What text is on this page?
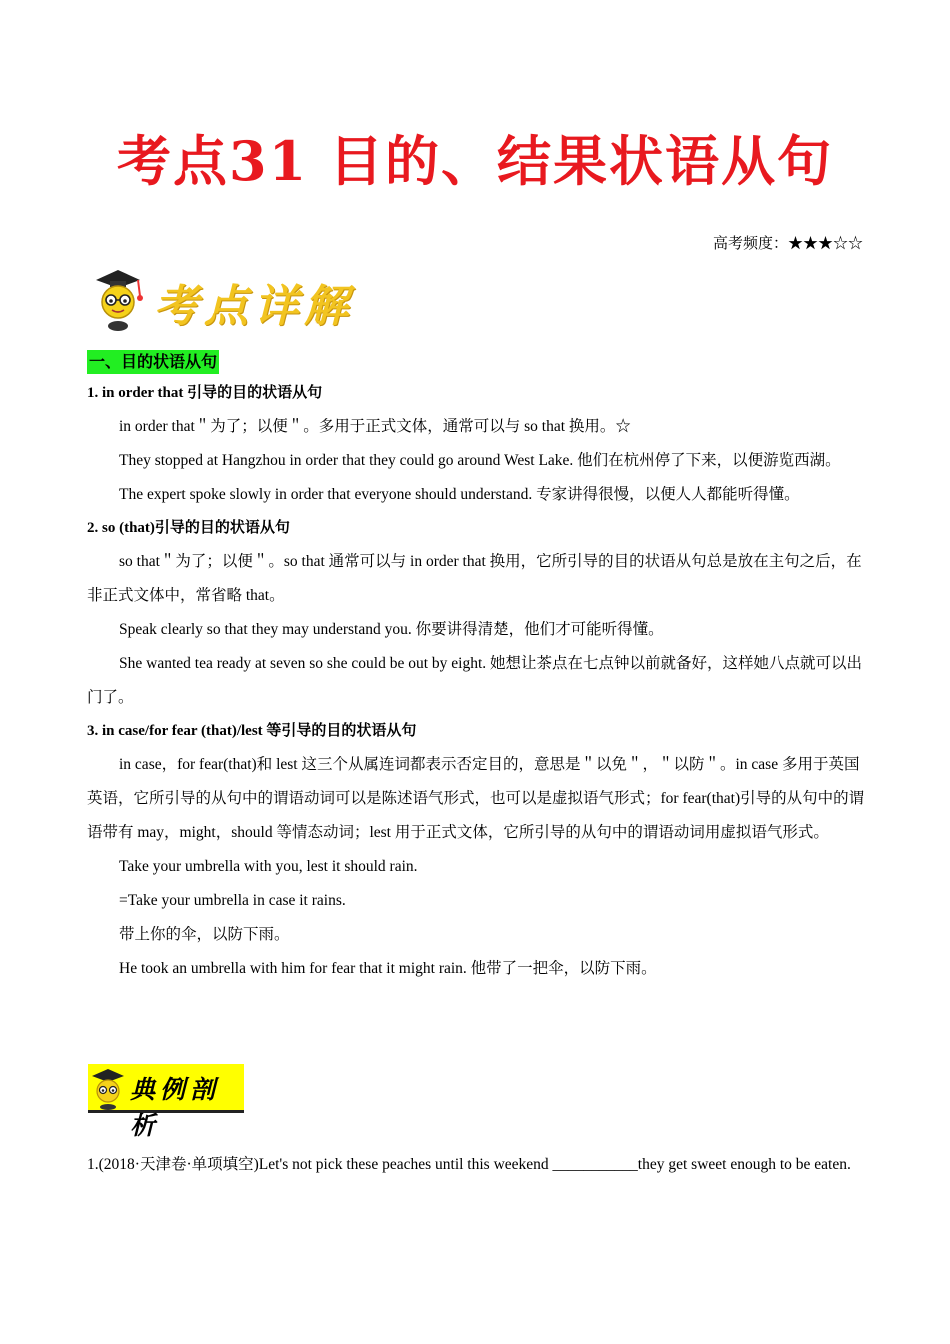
考点31 目的、结果状语从句
高考频度：★★★☆☆
考点详解
一、目的状语从句

1. in order that 引导的目的状语从句

in order that＂为了；以便＂。多用于正式文体，通常可以与 so that 换用。☆

They stopped at Hangzhou in order that they could go around West Lake. 他们在杭州停了下来，以便游览西湖。

The expert spoke slowly in order that everyone should understand. 专家讲得很慢，以便人人都能听得懂。

2. so (that)引导的目的状语从句

so that＂为了；以便＂。so that 通常可以与 in order that 换用，它所引导的目的状语从句总是放在主句之后，在非正式文体中，常省略 that。

Speak clearly so that they may understand you. 你要讲得清楚，他们才可能听得懂。

She wanted tea ready at seven so she could be out by eight. 她想让茶点在七点钟以前就备好，这样她八点就可以出门了。

3. in case/for fear (that)/lest 等引导的目的状语从句

in case，for fear(that)和 lest 这三个从属连词都表示否定目的，意思是＂以免＂，＂以防＂。in case 多用于英国英语，它所引导的从句中的谓语动词可以是陈述语气形式，也可以是虚拟语气形式；for fear(that)引导的从句中的谓语带有 may，might，should 等情态动词；lest 用于正式文体，它所引导的从句中的谓语动词用虚拟语气形式。

Take your umbrella with you, lest it should rain.

=Take your umbrella in case it rains.

带上你的伞，以防下雨。

He took an umbrella with him for fear that it might rain. 他带了一把伞，以防下雨。

典例剖析

1.(2018·天津卷·单项填空)Let's not pick these peaches until this weekend ___________they get sweet enough to be eaten.
